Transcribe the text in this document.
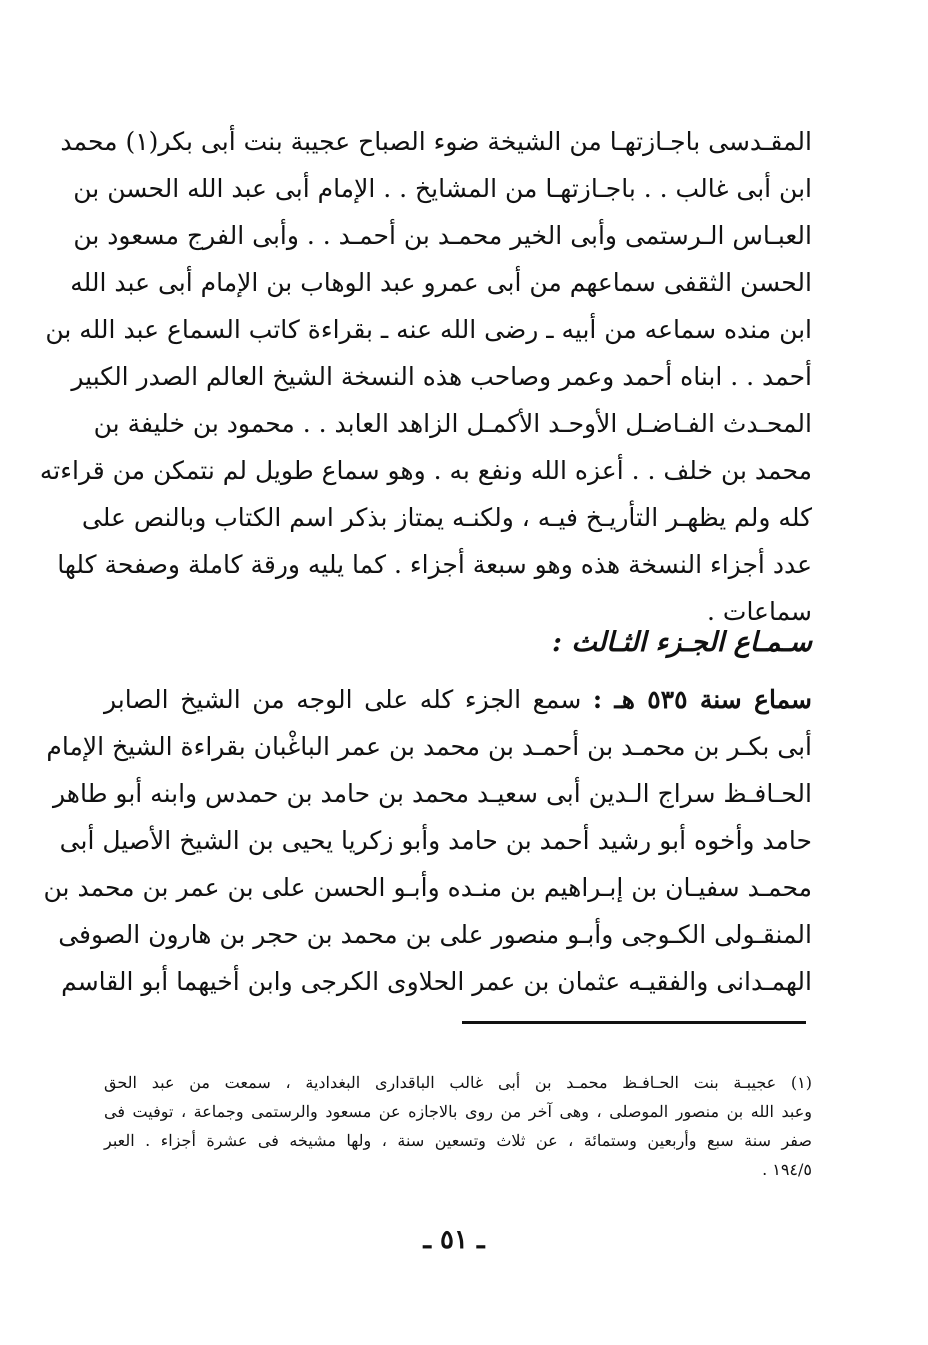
المقـدسى باجـازتهـا من الشيخة ضوء الصباح عجيبة بنت أبى بكر(١) محمد
ابن أبى غالب . . باجـازتهـا من المشايخ . . الإمام أبى عبد الله الحسن بن
العبـاس الـرستمى وأبى الخير محمـد بن أحمـد . . وأبى الفرج مسعود بن
الحسن الثقفى سماعهم من أبى عمرو عبد الوهاب بن الإمام أبى عبد الله
ابن منده سماعه من أبيه ـ رضى الله عنه ـ بقراءة كاتب السماع عبد الله بن
أحمد . . ابناه أحمد وعمر وصاحب هذه النسخة الشيخ العالم الصدر الكبير
المحـدث الفـاضـل الأوحـد الأكمـل الزاهد العابد . . محمود بن خليفة بن
محمد بن خلف . . أعزه الله ونفع به . وهو سماع طويل لم نتمكن من قراءته
كله ولم يظهـر التأريـخ فيـه ، ولكنـه يمتاز بذكر اسم الكتاب وبالنص على
عدد أجزاء النسخة هذه وهو سبعة أجزاء . كما يليه ورقة كاملة وصفحة كلها
سماعات .
سـمـاع الجـزء الثـالث :
سماع سنة ٥٣٥ هـ : سمع الجزء كله على الوجه من الشيخ الصابر
أبى بكـر بن محمـد بن أحمـد بن محمد بن عمر الباغْبان بقراءة الشيخ الإمام
الحـافـظ سراج الـدين أبى سعيـد محمد بن حامد بن حمدس وابنه أبو طاهر
حامد وأخوه أبو رشيد أحمد بن حامد وأبو زكريا يحيى بن الشيخ الأصيل أبى
محمـد سفيـان بن إبـراهيم بن منـده وأبـو الحسن على بن عمر بن محمد بن
المنقـولى الكـوجى وأبـو منصور على بن محمد بن حجر بن هارون الصوفى
الهمـدانى والفقيـه عثمان بن عمر الحلاوى الكرجى وابن أخيهما أبو القاسم
(١) عجيبـة بنت الحـافـظ محمـد بن أبى غالب الباقدارى البغدادية ، سمعت من عبد الحق
وعبد الله بن منصور الموصلى ، وهى آخر من روى بالاجازه عن مسعود والرستمى وجماعة ، توفيت فى
صفر سنة سبع وأربعين وستمائة ، عن ثلاث وتسعين سنة ، ولها مشيخه فى عشرة أجزاء . العبر
١٩٤/٥ .
ـ ٥١ ـ
